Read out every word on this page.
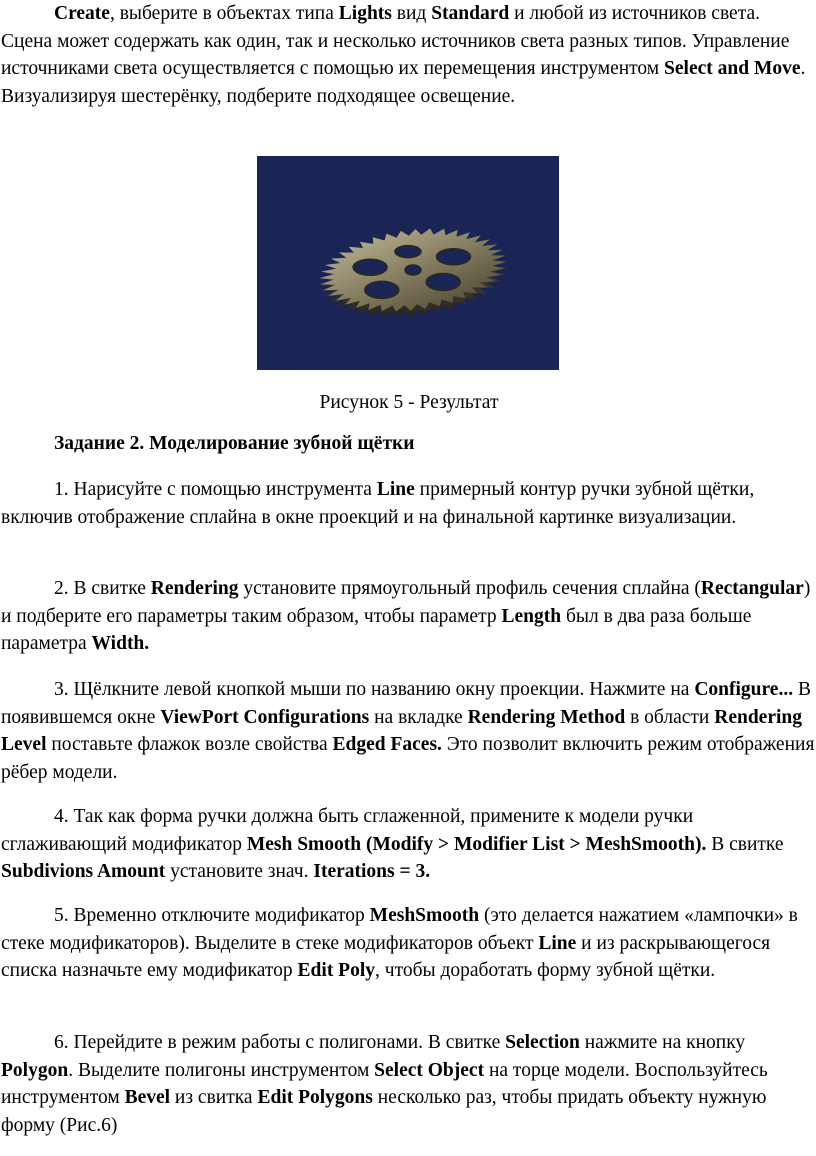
Create, выберите в объектах типа Lights вид Standard и любой из источников света. Сцена может содержать как один, так и несколько источников света разных типов. Управление источниками света осуществляется с помощью их перемещения инструментом Select and Move. Визуализируя шестерёнку, подберите подходящее освещение.

Рисунок 5 - Результат

Задание 2. Моделирование зубной щётки

1. Нарисуйте с помощью инструмента Line примерный контур ручки зубной щётки, включив отображение сплайна в окне проекций и на финальной картинке визуализации.

2. В свитке Rendering установите прямоугольный профиль сечения сплайна (Rectangular) и подберите его параметры таким образом, чтобы параметр Length был в два раза больше параметра Width.

3. Щёлкните левой кнопкой мыши по названию окну проекции. Нажмите на Configure... В появившемся окне ViewPort Configurations на вкладке Rendering Method в области Rendering Level поставьте флажок возле свойства Edged Faces. Это позволит включить режим отображения рёбер модели.

4. Так как форма ручки должна быть сглаженной, примените к модели ручки сглаживающий модификатор Mesh Smooth (Modify > Modifier List > MeshSmooth). В свитке Subdivions Amount установите знач. Iterations = 3.

5. Временно отключите модификатор MeshSmooth (это делается нажатием «лампочки» в стеке модификаторов). Выделите в стеке модификаторов объект Line и из раскрывающегося списка назначьте ему модификатор Edit Poly, чтобы доработать форму зубной щётки.

6. Перейдите в режим работы с полигонами. В свитке Selection нажмите на кнопку Polygon. Выделите полигоны инструментом Select Object на торце модели. Воспользуйтесь инструментом Bevel из свитка Edit Polygons несколько раз, чтобы придать объекту нужную форму (Рис.6)
